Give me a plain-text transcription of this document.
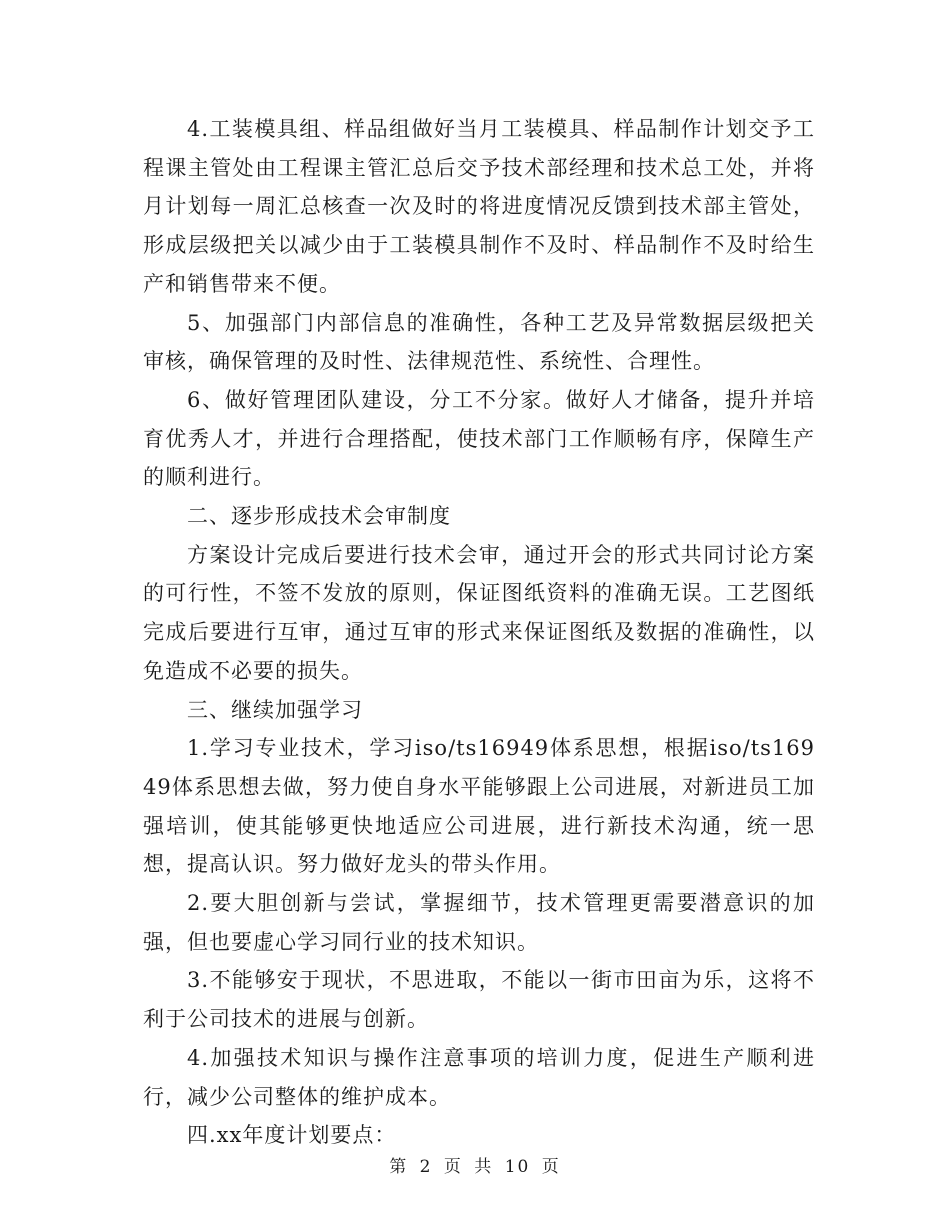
4.工装模具组、样品组做好当月工装模具、样品制作计划交予工程课主管处由工程课主管汇总后交予技术部经理和技术总工处，并将月计划每一周汇总核查一次及时的将进度情况反馈到技术部主管处，形成层级把关以减少由于工装模具制作不及时、样品制作不及时给生产和销售带来不便。

5、加强部门内部信息的准确性，各种工艺及异常数据层级把关审核，确保管理的及时性、法律规范性、系统性、合理性。

6、做好管理团队建设，分工不分家。做好人才储备，提升并培育优秀人才，并进行合理搭配，使技术部门工作顺畅有序，保障生产的顺利进行。

二、逐步形成技术会审制度

方案设计完成后要进行技术会审，通过开会的形式共同讨论方案的可行性，不签不发放的原则，保证图纸资料的准确无误。工艺图纸完成后要进行互审，通过互审的形式来保证图纸及数据的准确性，以免造成不必要的损失。

三、继续加强学习

1.学习专业技术，学习iso/ts16949体系思想，根据iso/ts16949体系思想去做，努力使自身水平能够跟上公司进展，对新进员工加强培训，使其能够更快地适应公司进展，进行新技术沟通，统一思想，提高认识。努力做好龙头的带头作用。

2.要大胆创新与尝试，掌握细节，技术管理更需要潜意识的加强，但也要虚心学习同行业的技术知识。

3.不能够安于现状，不思进取，不能以一街市田亩为乐，这将不利于公司技术的进展与创新。

4.加强技术知识与操作注意事项的培训力度，促进生产顺利进行，减少公司整体的维护成本。

四.xx年度计划要点：

第 2 页 共 10 页
